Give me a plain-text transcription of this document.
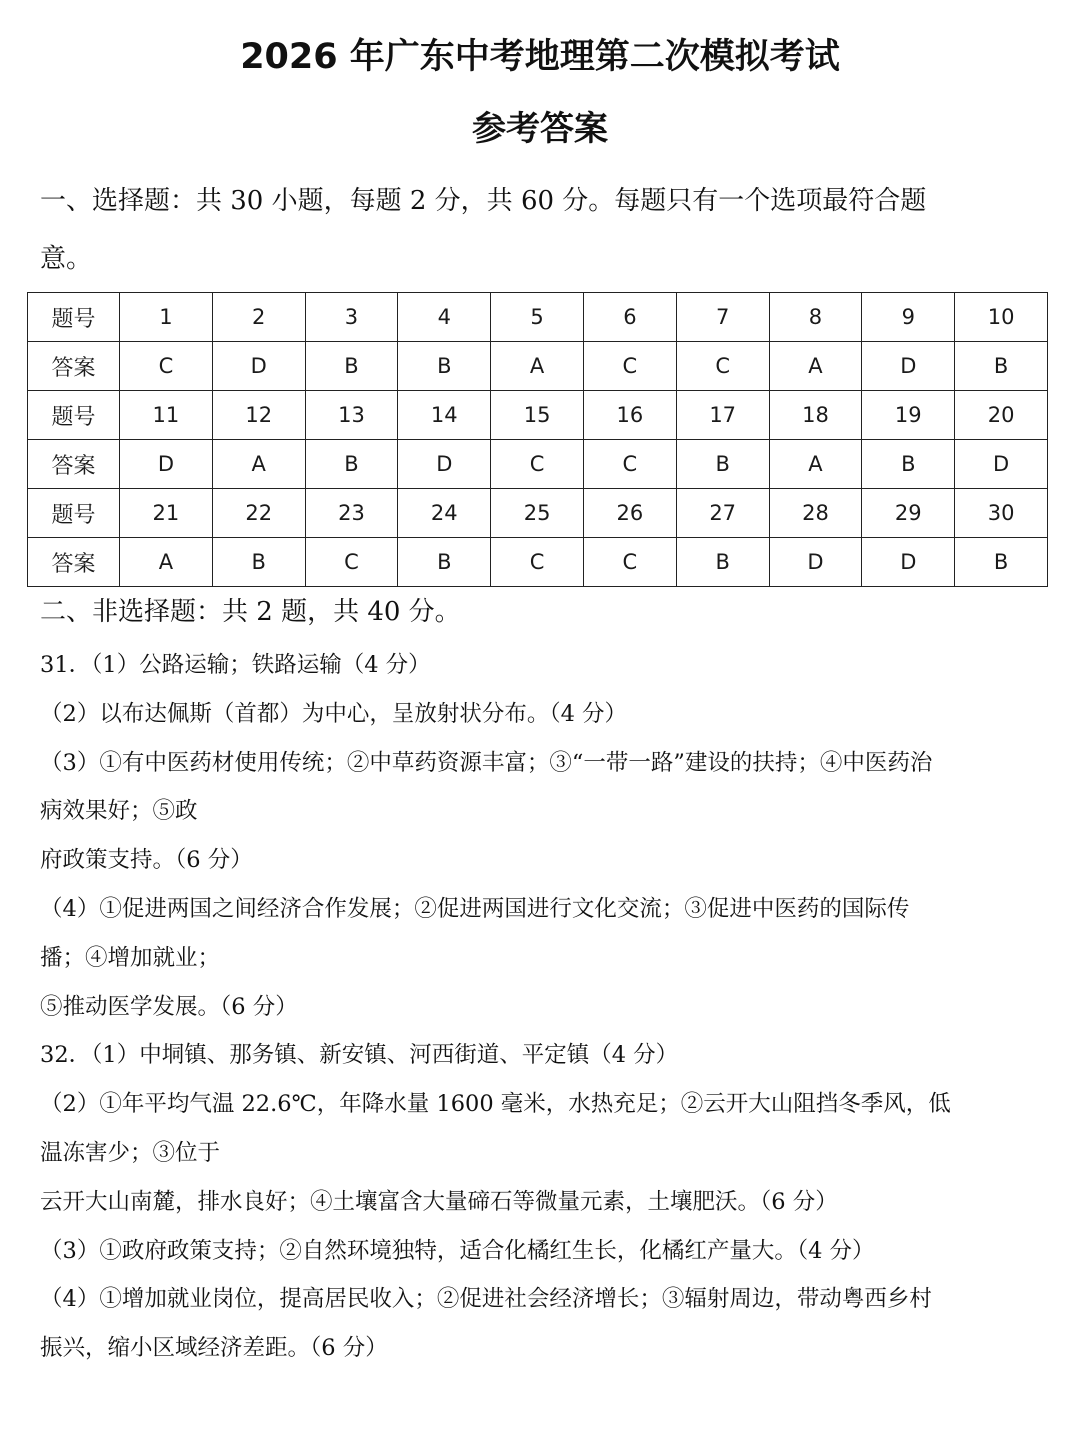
2026 年广东中考地理第二次模拟考试
参考答案
一、选择题：共 30 小题，每题 2 分，共 60 分。每题只有一个选项最符合题
意。
题号	1	2	3	4	5	6	7	8	9	10
答案	C	D	B	B	A	C	C	A	D	B
题号	11	12	13	14	15	16	17	18	19	20
答案	D	A	B	D	C	C	B	A	B	D
题号	21	22	23	24	25	26	27	28	29	30
答案	A	B	C	B	C	C	B	D	D	B
二、非选择题：共 2 题，共 40 分。

31．（1）公路运输；铁路运输（4 分）

（2）以布达佩斯（首都）为中心，呈放射状分布。（4 分）

（3）①有中医药材使用传统；②中草药资源丰富；③“一带一路”建设的扶持；④中医药治

病效果好；⑤政

府政策支持。（6 分）

（4）①促进两国之间经济合作发展；②促进两国进行文化交流；③促进中医药的国际传

播；④增加就业；

⑤推动医学发展。（6 分）

32．（1）中垌镇、那务镇、新安镇、河西街道、平定镇（4 分）

（2）①年平均气温 22.6℃，年降水量 1600 毫米，水热充足；②云开大山阻挡冬季风，低

温冻害少；③位于

云开大山南麓，排水良好；④土壤富含大量碲石等微量元素，土壤肥沃。（6 分）

（3）①政府政策支持；②自然环境独特，适合化橘红生长，化橘红产量大。（4 分）

（4）①增加就业岗位，提高居民收入；②促进社会经济增长；③辐射周边，带动粤西乡村

振兴，缩小区域经济差距。（6 分）
